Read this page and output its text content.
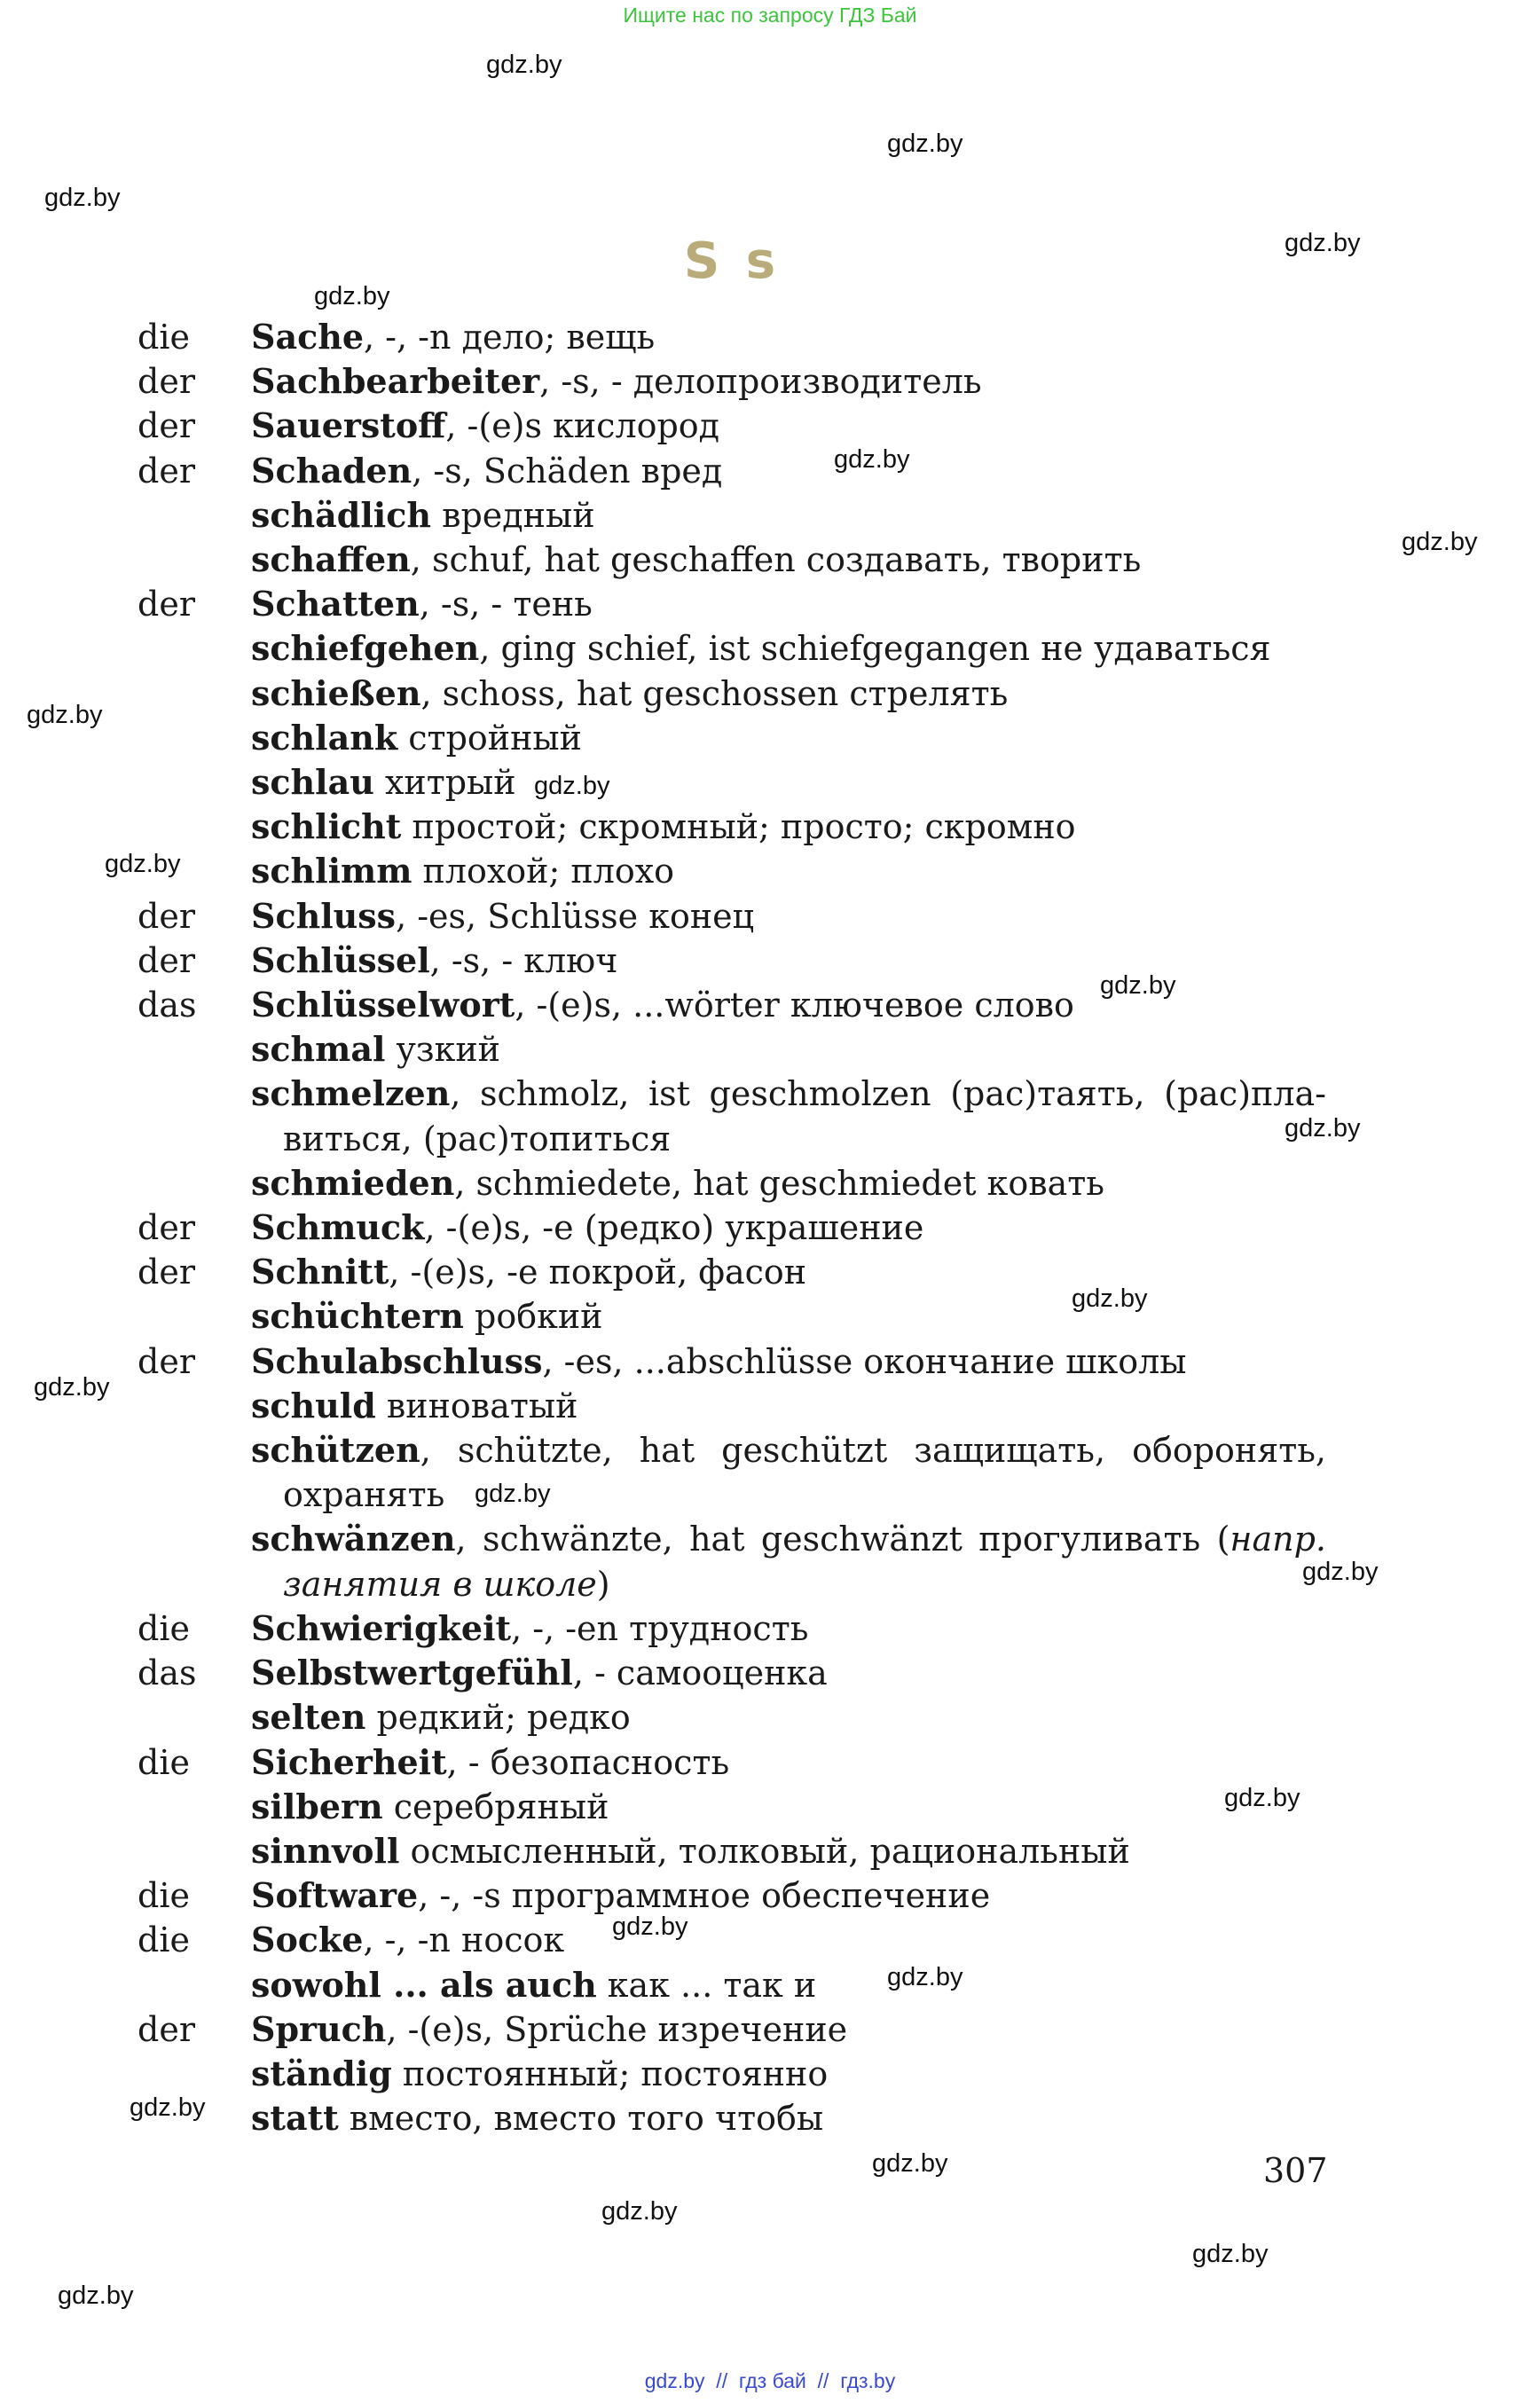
Ищите нас по запросу ГДЗ Бай
gdz.by
gdz.by
gdz.by
gdz.by
gdz.by
gdz.by
gdz.by
gdz.by
gdz.by
gdz.by
gdz.by
gdz.by
gdz.by
gdz.by
gdz.by
gdz.by
gdz.by
gdz.by
gdz.by
gdz.by
gdz.by
gdz.by
gdz.by
gdz.by
S s
die	Sache, -, -n дело; вещь
der	Sachbearbeiter, -s, - делопроизводитель
der	Sauerstoff, -(e)s кислород
der	Schaden, -s, Schäden вред
schädlich вредный
schaffen, schuf, hat geschaffen создавать, творить
der	Schatten, -s, - тень
schiefgehen, ging schief, ist schiefgegangen не удаваться
schießen, schoss, hat geschossen стрелять
schlank стройный
schlau хитрый
schlicht простой; скромный; просто; скромно
schlimm плохой; плохо
der	Schluss, -es, Schlüsse конец
der	Schlüssel, -s, - ключ
das	Schlüsselwort, -(e)s, ...wörter ключевое слово
schmal узкий
schmelzen, schmolz, ist geschmolzen (рас)таять, (рас)пла-виться, (рас)топиться
schmieden, schmiedete, hat geschmiedet ковать
der	Schmuck, -(e)s, -e (редко) украшение
der	Schnitt, -(e)s, -e покрой, фасон
schüchtern робкий
der	Schulabschluss, -es, ...abschlüsse окончание школы
schuld виноватый
schützen, schützte, hat geschützt защищать, оборонять, охранять
schwänzen, schwänzte, hat geschwänzt прогуливать (напр. занятия в школе)
die	Schwierigkeit, -, -en трудность
das	Selbstwertgefühl, - самооценка
selten редкий; редко
die	Sicherheit, - безопасность
silbern серебряный
sinnvoll осмысленный, толковый, рациональный
die	Software, -, -s программное обеспечение
die	Socke, -, -n носок
sowohl ... als auch как ... так и
der	Spruch, -(e)s, Sprüche изречение
ständig постоянный; постоянно
statt вместо, вместо того чтобы
307
gdz.by  //  гдз бай  //  гдз.by
